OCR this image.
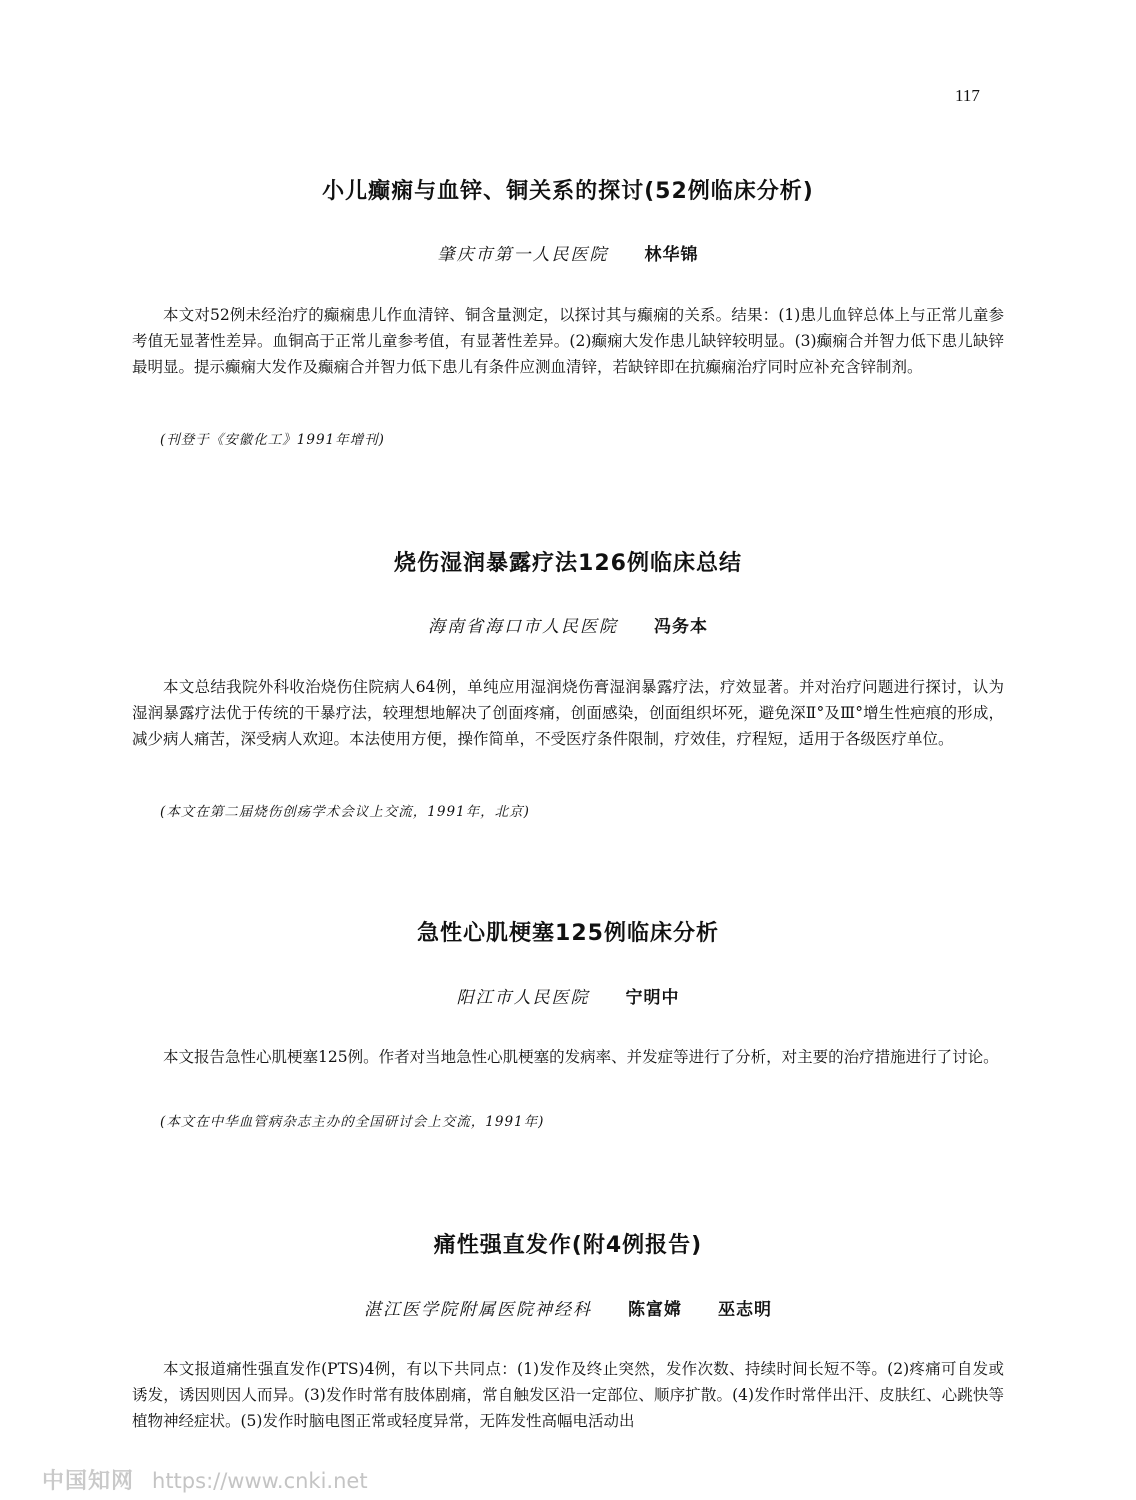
117
小儿癫痫与血锌、铜关系的探讨(52例临床分析)
肇庆市第一人民医院 林华锦

本文对52例未经治疗的癫痫患儿作血清锌、铜含量测定，以探讨其与癫痫的关系。结果：(1)患儿血锌总体上与正常儿童参考值无显著性差异。血铜高于正常儿童参考值，有显著性差异。(2)癫痫大发作患儿缺锌较明显。(3)癫痫合并智力低下患儿缺锌最明显。提示癫痫大发作及癫痫合并智力低下患儿有条件应测血清锌，若缺锌即在抗癫痫治疗同时应补充含锌制剂。

(刊登于《安徽化工》1991年增刊)
烧伤湿润暴露疗法126例临床总结
海南省海口市人民医院 冯务本

本文总结我院外科收治烧伤住院病人64例，单纯应用湿润烧伤膏湿润暴露疗法，疗效显著。并对治疗问题进行探讨，认为湿润暴露疗法优于传统的干暴疗法，较理想地解决了创面疼痛，创面感染，创面组织坏死，避免深Ⅱ°及Ⅲ°增生性疤痕的形成，减少病人痛苦，深受病人欢迎。本法使用方便，操作简单，不受医疗条件限制，疗效佳，疗程短，适用于各级医疗单位。

(本文在第二届烧伤创疡学术会议上交流，1991年，北京)
急性心肌梗塞125例临床分析
阳江市人民医院 宁明中

本文报告急性心肌梗塞125例。作者对当地急性心肌梗塞的发病率、并发症等进行了分析，对主要的治疗措施进行了讨论。

(本文在中华血管病杂志主办的全国研讨会上交流，1991年)
痛性强直发作(附4例报告)
湛江医学院附属医院神经科 陈富嫦　　巫志明

本文报道痛性强直发作(PTS)4例，有以下共同点：(1)发作及终止突然，发作次数、持续时间长短不等。(2)疼痛可自发或诱发，诱因则因人而异。(3)发作时常有肢体剧痛，常自触发区沿一定部位、顺序扩散。(4)发作时常伴出汗、皮肤红、心跳快等植物神经症状。(5)发作时脑电图正常或轻度异常，无阵发性高幅电活动出

中国知网 https://www.cnki.net
